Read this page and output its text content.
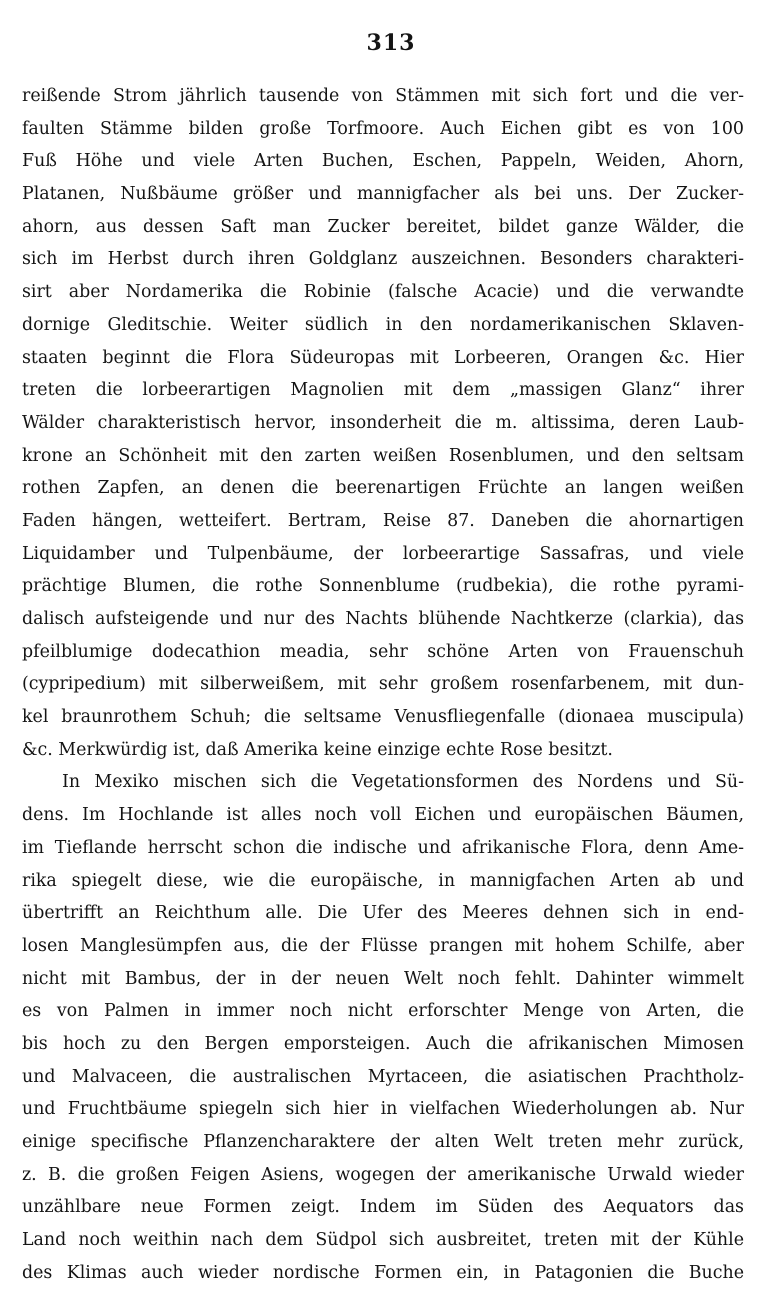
313
reißende Strom jährlich tausende von Stämmen mit sich fort und die ver-
faulten Stämme bilden große Torfmoore. Auch Eichen gibt es von 100
Fuß Höhe und viele Arten Buchen, Eschen, Pappeln, Weiden, Ahorn,
Platanen, Nußbäume größer und mannigfacher als bei uns. Der Zucker-
ahorn, aus dessen Saft man Zucker bereitet, bildet ganze Wälder, die
sich im Herbst durch ihren Goldglanz auszeichnen. Besonders charakteri-
sirt aber Nordamerika die Robinie (falsche Acacie) und die verwandte
dornige Gleditschie. Weiter südlich in den nordamerikanischen Sklaven-
staaten beginnt die Flora Südeuropas mit Lorbeeren, Orangen &c. Hier
treten die lorbeerartigen Magnolien mit dem „massigen Glanz“ ihrer
Wälder charakteristisch hervor, insonderheit die m. altissima, deren Laub-
krone an Schönheit mit den zarten weißen Rosenblumen, und den seltsam
rothen Zapfen, an denen die beerenartigen Früchte an langen weißen
Faden hängen, wetteifert. Bertram, Reise 87. Daneben die ahornartigen
Liquidamber und Tulpenbäume, der lorbeerartige Sassafras, und viele
prächtige Blumen, die rothe Sonnenblume (rudbekia), die rothe pyrami-
dalisch aufsteigende und nur des Nachts blühende Nachtkerze (clarkia), das
pfeilblumige dodecathion meadia, sehr schöne Arten von Frauenschuh
(cypripedium) mit silberweißem, mit sehr großem rosenfarbenem, mit dun-
kel braunrothem Schuh; die seltsame Venusfliegenfalle (dionaea muscipula)
&c. Merkwürdig ist, daß Amerika keine einzige echte Rose besitzt.
In Mexiko mischen sich die Vegetationsformen des Nordens und Sü-
dens. Im Hochlande ist alles noch voll Eichen und europäischen Bäumen,
im Tieflande herrscht schon die indische und afrikanische Flora, denn Ame-
rika spiegelt diese, wie die europäische, in mannigfachen Arten ab und
übertrifft an Reichthum alle. Die Ufer des Meeres dehnen sich in end-
losen Manglesümpfen aus, die der Flüsse prangen mit hohem Schilfe, aber
nicht mit Bambus, der in der neuen Welt noch fehlt. Dahinter wimmelt
es von Palmen in immer noch nicht erforschter Menge von Arten, die
bis hoch zu den Bergen emporsteigen. Auch die afrikanischen Mimosen
und Malvaceen, die australischen Myrtaceen, die asiatischen Prachtholz-
und Fruchtbäume spiegeln sich hier in vielfachen Wiederholungen ab. Nur
einige specifische Pflanzencharaktere der alten Welt treten mehr zurück,
z. B. die großen Feigen Asiens, wogegen der amerikanische Urwald wieder
unzählbare neue Formen zeigt. Indem im Süden des Aequators das
Land noch weithin nach dem Südpol sich ausbreitet, treten mit der Kühle
des Klimas auch wieder nordische Formen ein, in Patagonien die Buche
